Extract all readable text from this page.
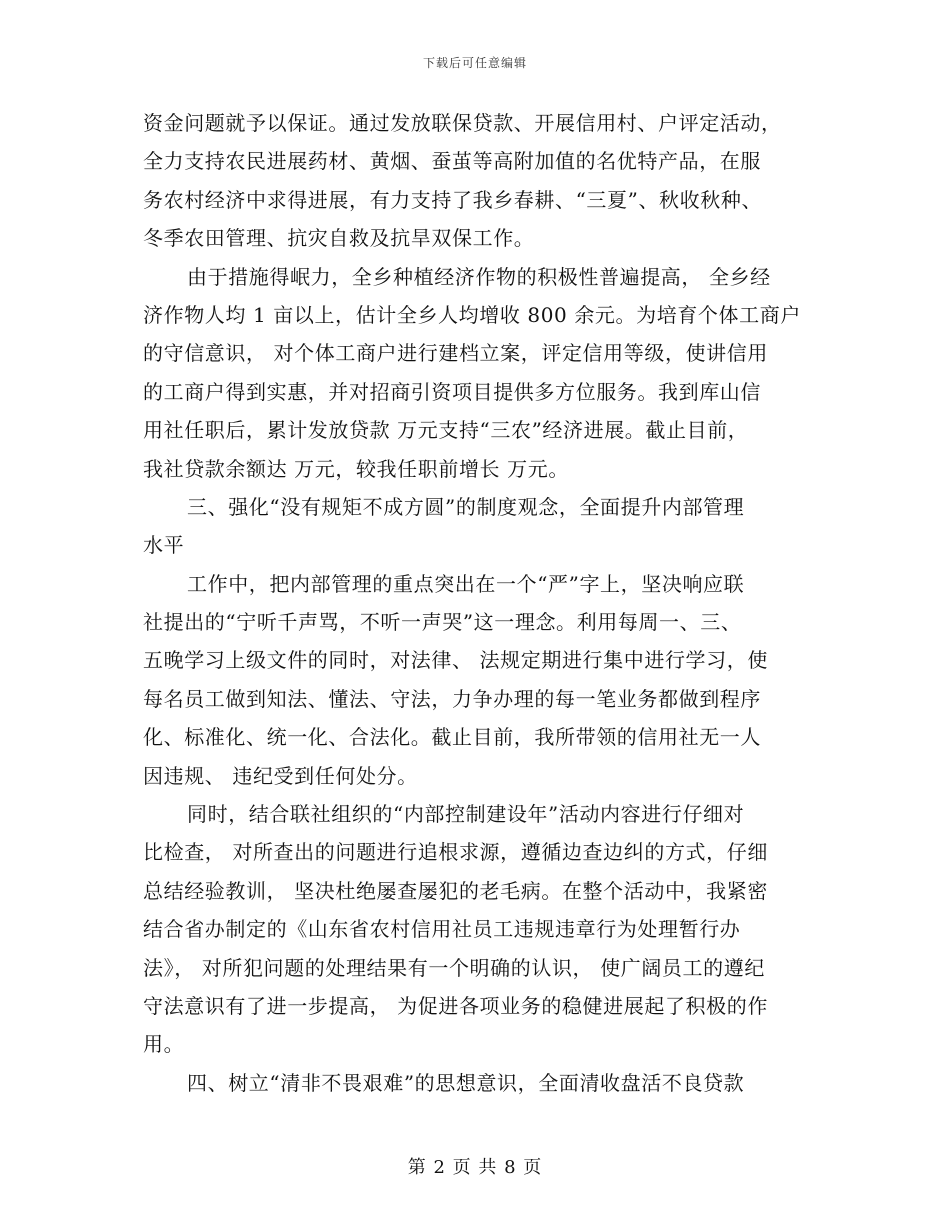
下载后可任意编辑
资金问题就予以保证。通过发放联保贷款、开展信用村、户评定活动，
全力支持农民进展药材、黄烟、蚕茧等高附加值的名优特产品，在服
务农村经济中求得进展，有力支持了我乡春耕、“三夏”、秋收秋种、
冬季农田管理、抗灾自救及抗旱双保工作。
由于措施得岷力，全乡种植经济作物的积极性普遍提高， 全乡经
济作物人均 1 亩以上，估计全乡人均增收 800 余元。为培育个体工商户
的守信意识， 对个体工商户进行建档立案，评定信用等级，使讲信用
的工商户得到实惠，并对招商引资项目提供多方位服务。我到库山信
用社任职后，累计发放贷款 万元支持“三农”经济进展。截止目前，
我社贷款余额达 万元，较我任职前增长 万元。
三、强化“没有规矩不成方圆”的制度观念，全面提升内部管理
水平
工作中，把内部管理的重点突出在一个“严”字上，坚决响应联
社提出的“宁听千声骂，不听一声哭”这一理念。利用每周一、三、
五晚学习上级文件的同时，对法律、 法规定期进行集中进行学习，使
每名员工做到知法、懂法、守法，力争办理的每一笔业务都做到程序
化、标准化、统一化、合法化。截止目前，我所带领的信用社无一人
因违规、 违纪受到任何处分。
同时，结合联社组织的“内部控制建设年”活动内容进行仔细对
比检查， 对所查出的问题进行追根求源，遵循边查边纠的方式，仔细
总结经验教训， 坚决杜绝屡查屡犯的老毛病。在整个活动中，我紧密
结合省办制定的《山东省农村信用社员工违规违章行为处理暂行办
法》， 对所犯问题的处理结果有一个明确的认识， 使广阔员工的遵纪
守法意识有了进一步提高， 为促进各项业务的稳健进展起了积极的作
用。
四、树立“清非不畏艰难”的思想意识，全面清收盘活不良贷款
第 2 页 共 8 页
